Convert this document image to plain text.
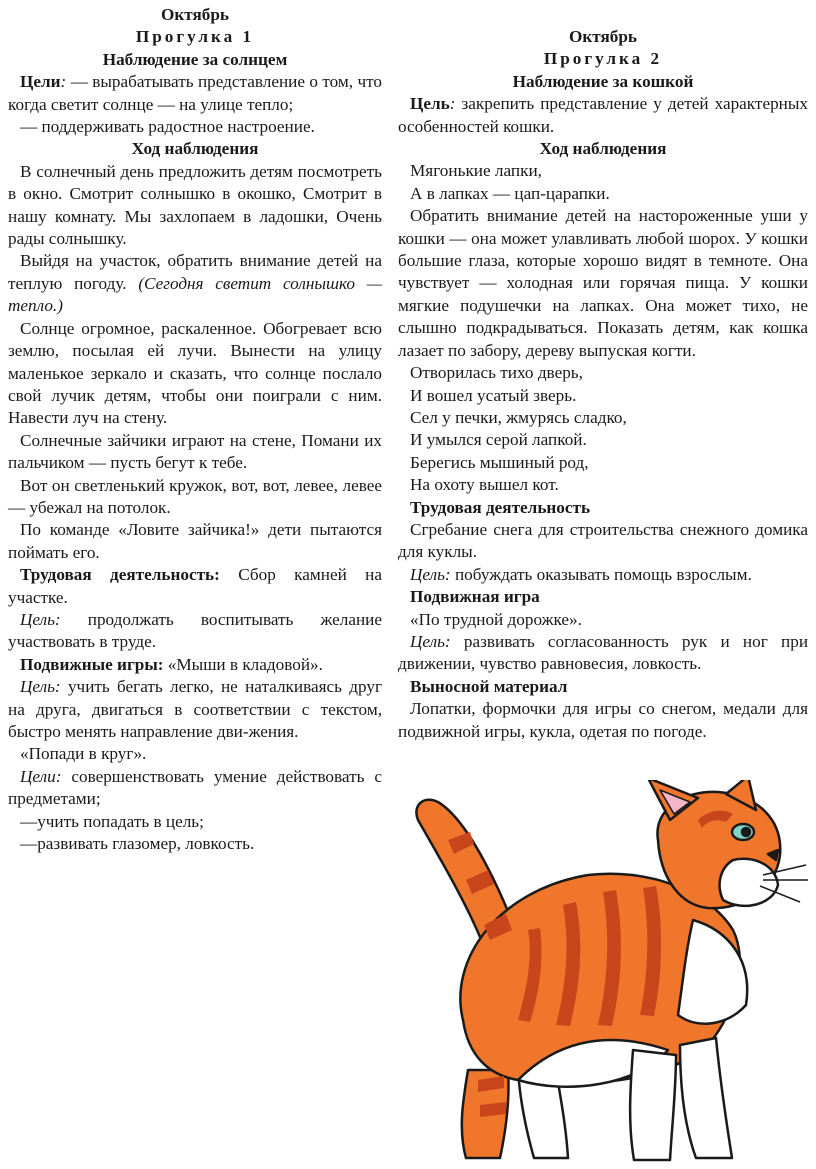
Октябрь
Прогулка 1
Наблюдение за солнцем

Цели: — вырабатывать представление о том, что когда светит солнце — на улице тепло;

— поддерживать радостное настроение.

Ход наблюдения

В солнечный день предложить детям посмотреть в окно. Смотрит солнышко в окошко, Смотрит в нашу комнату. Мы захлопаем в ладошки, Очень рады солнышку.

Выйдя на участок, обратить внимание детей на теплую погоду. (Сегодня светит солнышко — тепло.)

Солнце огромное, раскаленное. Обогревает всю землю, посылая ей лучи. Вынести на улицу маленькое зеркало и сказать, что солнце послало свой лучик детям, чтобы они поиграли с ним. Навести луч на стену.

Солнечные зайчики играют на стене, Помани их пальчиком — пусть бегут к тебе.

Вот он светленький кружок, вот, вот, левее, левее — убежал на потолок.

По команде «Ловите зайчика!» дети пытаются поймать его.

Трудовая деятельность: Сбор камней на участке.

Цель: продолжать воспитывать желание участвовать в труде.

Подвижные игры: «Мыши в кладовой».

Цель: учить бегать легко, не наталкиваясь друг на друга, двигаться в соответствии с текстом, быстро менять направление дви-жения.

«Попади в круг».

Цели: совершенствовать умение действовать с предметами;

—учить попадать в цель;

—развивать глазомер, ловкость.

Октябрь
Прогулка 2
Наблюдение за кошкой

Цель: закрепить представление у детей характерных особенностей кошки.

Ход наблюдения
Мягонькие лапки,
А в лапках — цап-царапки.

Обратить внимание детей на настороженные уши у кошки — она может улавливать любой шорох. У кошки большие глаза, которые хорошо видят в темноте. Она чувствует — холодная или горячая пища. У кошки мягкие подушечки на лапках. Она может тихо, не слышно подкрадываться. Показать детям, как кошка лазает по забору, дереву выпуская когти.

Отворилась тихо дверь,
И вошел усатый зверь.
Сел у печки, жмурясь сладко,
И умылся серой лапкой.
Берегись мышиный род,
На охоту вышел кот.

Трудовая деятельность

Сгребание снега для строительства снежного домика для куклы.

Цель: побуждать оказывать помощь взрослым.

Подвижная игра

«По трудной дорожке».

Цель: развивать согласованность рук и ног при движении, чувство равновесия, ловкость.

Выносной материал

Лопатки, формочки для игры со снегом, медали для подвижной игры, кукла, одетая по погоде.
